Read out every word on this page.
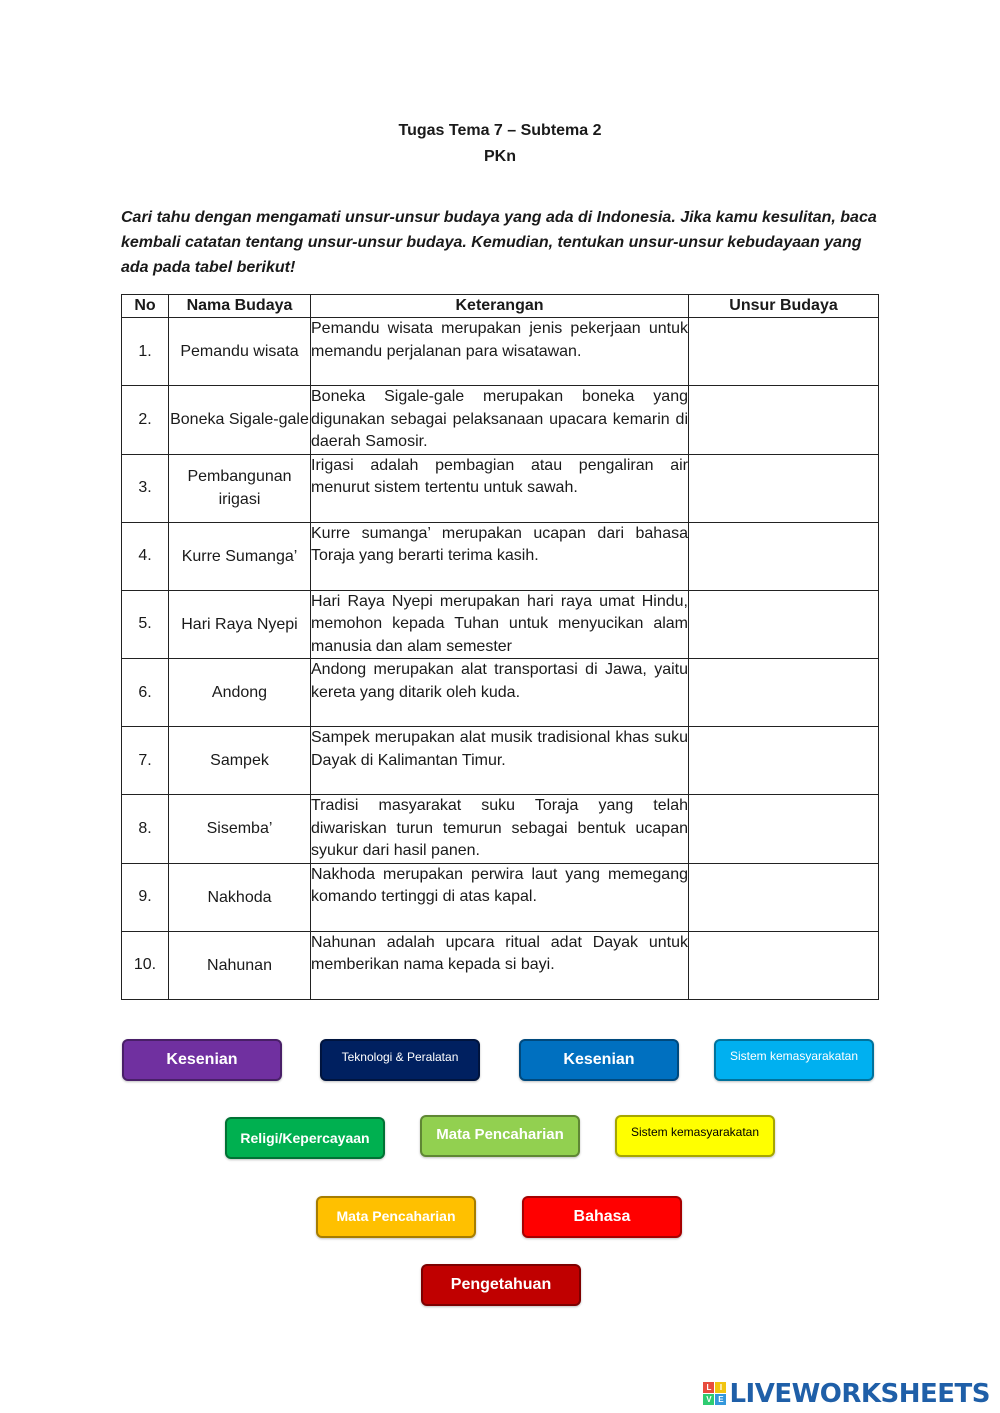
Tugas Tema 7 – Subtema 2
PKn
Cari tahu dengan mengamati unsur-unsur budaya yang ada di Indonesia. Jika kamu kesulitan, baca kembali catatan tentang unsur-unsur budaya. Kemudian, tentukan unsur-unsur kebudayaan yang ada pada tabel berikut!
No	Nama Budaya	Keterangan	Unsur Budaya
1.	Pemandu wisata	Pemandu wisata merupakan jenis pekerjaan untuk memandu perjalanan para wisatawan.	
2.	Boneka Sigale-gale	Boneka Sigale-gale merupakan boneka yang digunakan sebagai pelaksanaan upacara kemarin di daerah Samosir.	
3.	Pembangunan irigasi	Irigasi adalah pembagian atau pengaliran air menurut sistem tertentu untuk sawah.	
4.	Kurre Sumanga’	Kurre sumanga’ merupakan ucapan dari bahasa Toraja yang berarti terima kasih.	
5.	Hari Raya Nyepi	Hari Raya Nyepi merupakan hari raya umat Hindu, memohon kepada Tuhan untuk menyucikan alam manusia dan alam semester	
6.	Andong	Andong merupakan alat transportasi di Jawa, yaitu kereta yang ditarik oleh kuda.	
7.	Sampek	Sampek merupakan alat musik tradisional khas suku Dayak di Kalimantan Timur.	
8.	Sisemba’	Tradisi masyarakat suku Toraja yang telah diwariskan turun temurun sebagai bentuk ucapan syukur dari hasil panen.	
9.	Nakhoda	Nakhoda merupakan perwira laut yang memegang komando tertinggi di atas kapal.	
10.	Nahunan	Nahunan adalah upcara ritual adat Dayak untuk memberikan nama kepada si bayi.	
Kesenian	Teknologi & Peralatan	Kesenian	Sistem kemasyarakatan
Religi/Kepercayaan	Mata Pencaharian	Sistem kemasyarakatan
Mata Pencaharian	Bahasa
Pengetahuan
L	I
V E LIVEWORKSHEETS
